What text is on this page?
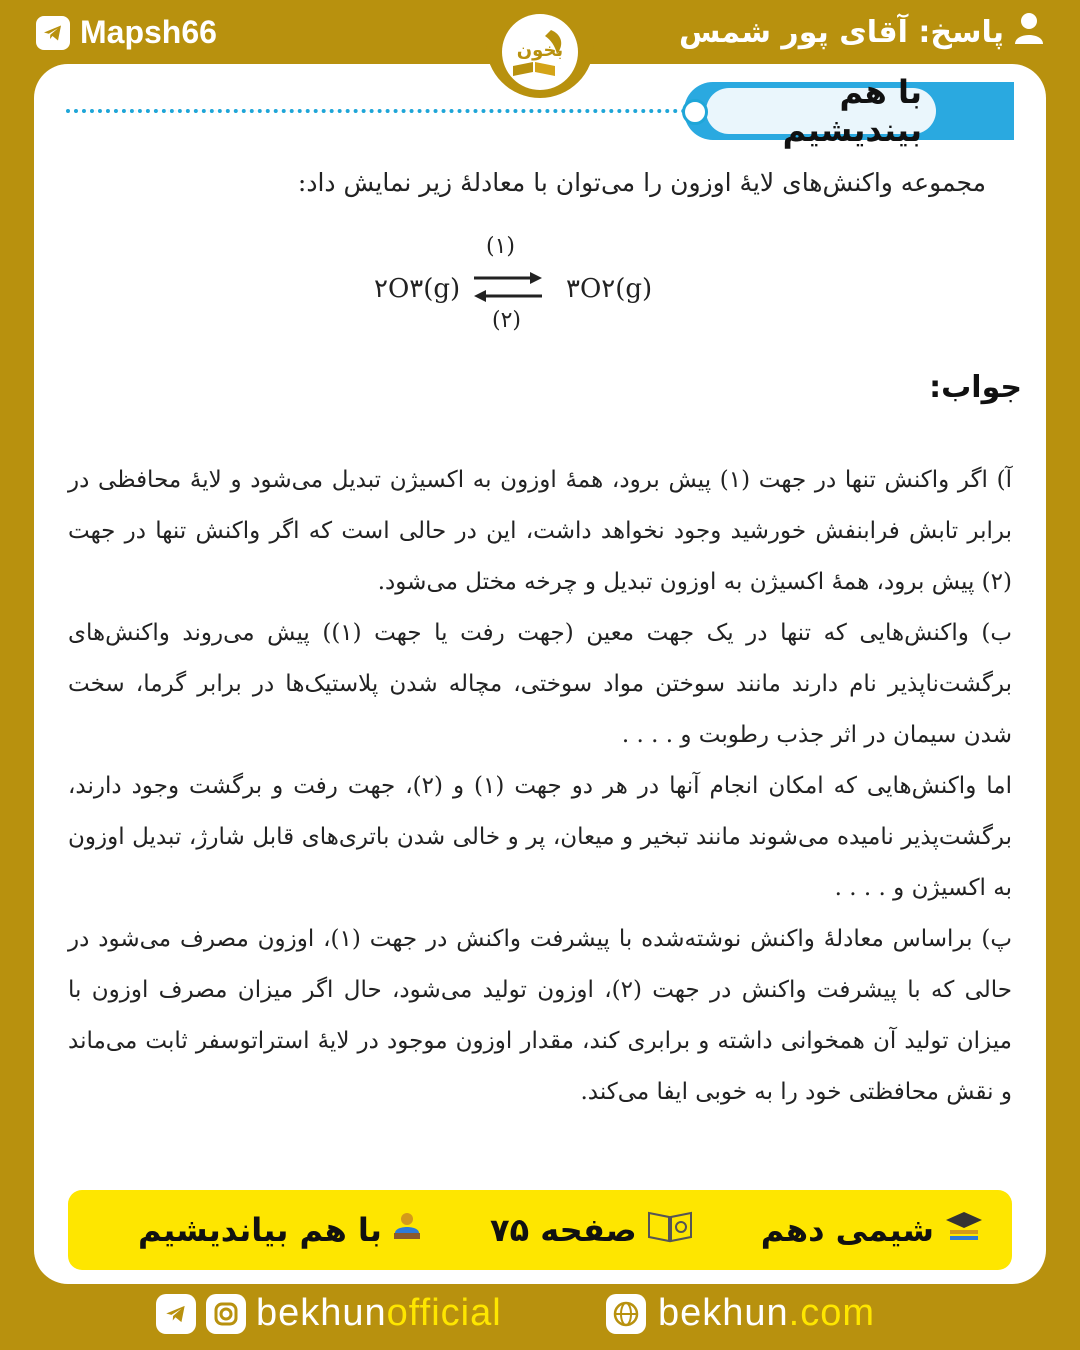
Mapsh66	پاسخ: آقای پور شمس
بخون
با هم بیندیشیم
مجموعه واکنش‌های لایهٔ اوزون را می‌توان با معادلهٔ زیر نمایش داد:
۲O۳(g)
(۱)
(۲)
۳O۲(g)
جواب:

آ) اگر واکنش تنها در جهت (۱) پیش برود، همهٔ اوزون به اکسیژن تبدیل می‌شود و لایهٔ محافظی در برابر تابش فرابنفش خورشید وجود نخواهد داشت، این در حالی است که اگر واکنش تنها در جهت (۲) پیش برود، همهٔ اکسیژن به اوزون تبدیل و چرخه مختل می‌شود.

ب) واکنش‌هایی که تنها در یک جهت معین (جهت رفت یا جهت (۱)) پیش می‌روند واکنش‌های برگشت‌ناپذیر نام دارند مانند سوختن مواد سوختی، مچاله شدن پلاستیک‌ها در برابر گرما، سخت شدن سیمان در اثر جذب رطوبت و . . . .

اما واکنش‌هایی که امکان انجام آنها در هر دو جهت (۱) و (۲)، جهت رفت و برگشت وجود دارند، برگشت‌پذیر نامیده می‌شوند مانند تبخیر و میعان، پر و خالی شدن باتری‌های قابل شارژ، تبدیل اوزون به اکسیژن و . . . .

پ) براساس معادلهٔ واکنش نوشته‌شده با پیشرفت واکنش در جهت (۱)، اوزون مصرف می‌شود در حالی که با پیشرفت واکنش در جهت (۲)، اوزون تولید می‌شود، حال اگر میزان مصرف اوزون با میزان تولید آن همخوانی داشته و برابری کند، مقدار اوزون موجود در لایهٔ استراتوسفر ثابت می‌ماند و نقش محافظتی خود را به خوبی ایفا می‌کند.

با هم بیاندیشیم	صفحه ۷۵	شیمی دهم
bekhunofficial	bekhun.com
